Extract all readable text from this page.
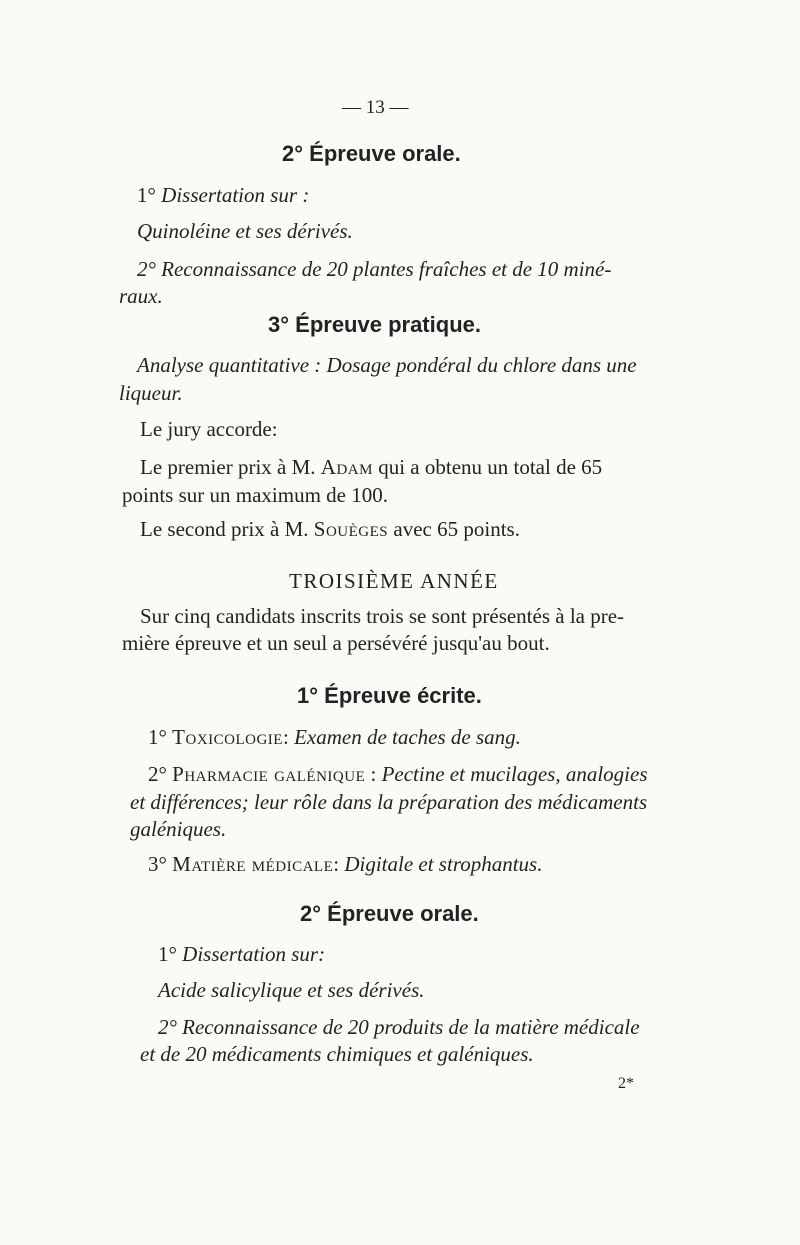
— 13 —
2° Épreuve orale.
1° Dissertation sur :
Quinoléine et ses dérivés.
2° Reconnaissance de 20 plantes fraîches et de 10 miné-
raux.
3° Épreuve pratique.
Analyse quantitative : Dosage pondéral du chlore dans une
liqueur.
Le jury accorde:
Le premier prix à M. Adam qui a obtenu un total de 65
points sur un maximum de 100.
Le second prix à M. Souèges avec 65 points.
TROISIÈME ANNÉE
Sur cinq candidats inscrits trois se sont présentés à la pre-
mière épreuve et un seul a persévéré jusqu'au bout.
1° Épreuve écrite.
1° Toxicologie: Examen de taches de sang.
2° Pharmacie galénique : Pectine et mucilages, analogies
et différences; leur rôle dans la préparation des médicaments
galéniques.
3° Matière médicale: Digitale et strophantus.
2° Épreuve orale.
1° Dissertation sur:
Acide salicylique et ses dérivés.
2° Reconnaissance de 20 produits de la matière médicale
et de 20 médicaments chimiques et galéniques.
2*
